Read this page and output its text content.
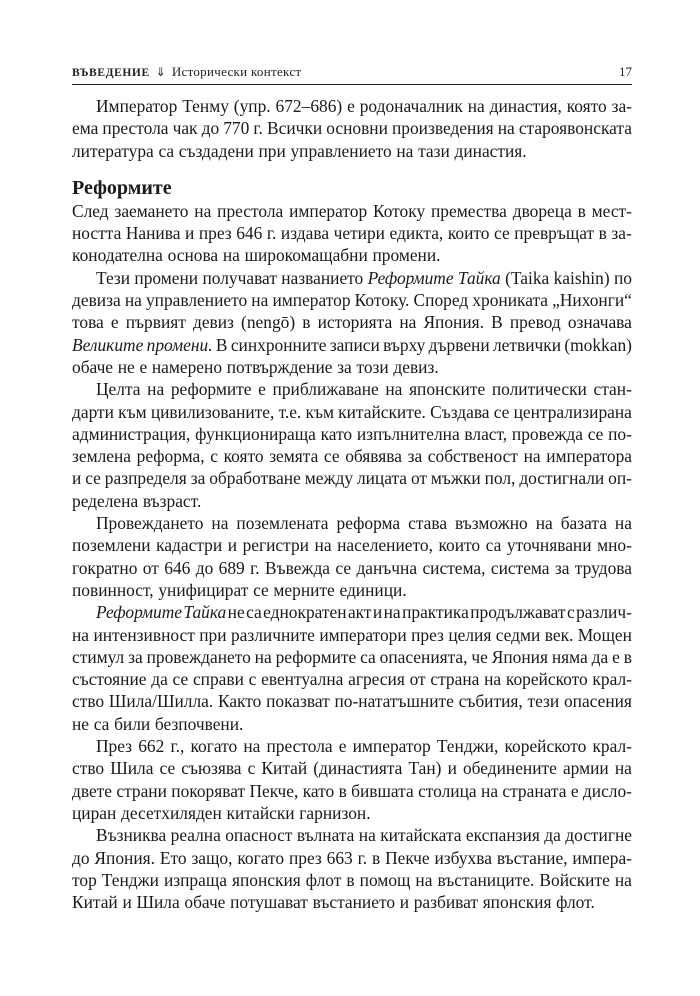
ВЪВЕДЕНИЕ ⇓ Исторически контекст	17
Император Тенму (упр. 672–686) е родоначалник на династия, която за-
ема престола чак до 770 г. Всички основни произведения на староявонската
литература са създадени при управлението на тази династия.
Реформите
След заемането на престола император Котоку премества двореца в мест-
ността Нанива и през 646 г. издава четири едикта, които се превръщат в за-
конодателна основа на широкомащабни промени.
Тези промени получават названието Реформите Тайка (Taika kaishin) по
девиза на управлението на император Котоку. Според хрониката „Нихонги“
това е първият девиз (nengō) в историята на Япония. В превод означава
Великите промени. В синхронните записи върху дървени летвички (mokkan)
обаче не е намерено потвърждение за този девиз.
Целта на реформите е приближаване на японските политически стан-
дарти към цивилизованите, т.е. към китайските. Създава се централизирана
администрация, функционираща като изпълнителна власт, провежда се по-
землена реформа, с която земята се обявява за собственост на императора
и се разпределя за обработване между лицата от мъжки пол, достигнали оп-
ределена възраст.
Провеждането на поземлената реформа става възможно на базата на
поземлени кадастри и регистри на населението, които са уточнявани мно-
гократно от 646 до 689 г. Въвежда се данъчна система, система за трудова
повинност, унифицират се мерните единици.
Реформите Тайка не са еднократен акт и на практика продължават с различ-
на интензивност при различните императори през целия седми век. Мощен
стимул за провеждането на реформите са опасенията, че Япония няма да е в
състояние да се справи с евентуална агресия от страна на корейското крал-
ство Шила/Шилла. Както показват по-нататъшните събития, тези опасения
не са били безпочвени.
През 662 г., когато на престола е император Тенджи, корейското крал-
ство Шила се съюзява с Китай (династията Тан) и обединените армии на
двете страни покоряват Пекче, като в бившата столица на страната е дисло-
циран десетхиляден китайски гарнизон.
Възниква реална опасност вълната на китайската експанзия да достигне
до Япония. Ето защо, когато през 663 г. в Пекче избухва въстание, импера-
тор Тенджи изпраща японския флот в помощ на въстаниците. Войските на
Китай и Шила обаче потушават въстанието и разбиват японския флот.
